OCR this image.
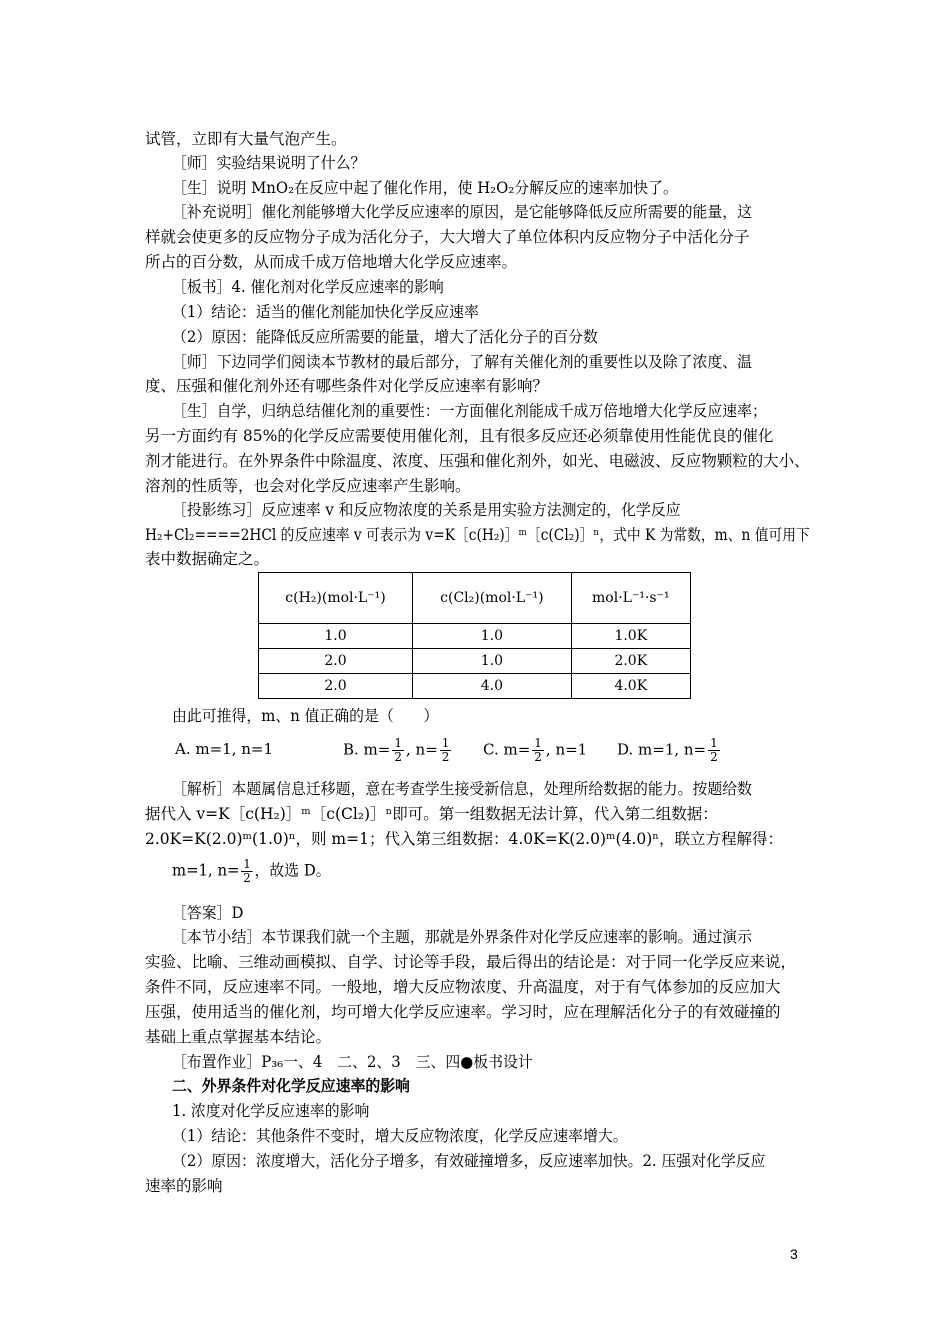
试管，立即有大量气泡产生。
［师］实验结果说明了什么？
［生］说明 MnO₂在反应中起了催化作用，使 H₂O₂分解反应的速率加快了。
［补充说明］催化剂能够增大化学反应速率的原因，是它能够降低反应所需要的能量，这
样就会使更多的反应物分子成为活化分子，大大增大了单位体积内反应物分子中活化分子
所占的百分数，从而成千成万倍地增大化学反应速率。
［板书］4. 催化剂对化学反应速率的影响
（1）结论：适当的催化剂能加快化学反应速率
（2）原因：能降低反应所需要的能量，增大了活化分子的百分数
［师］下边同学们阅读本节教材的最后部分，了解有关催化剂的重要性以及除了浓度、温
度、压强和催化剂外还有哪些条件对化学反应速率有影响？
［生］自学，归纳总结催化剂的重要性：一方面催化剂能成千成万倍地增大化学反应速率；
另一方面约有 85%的化学反应需要使用催化剂，且有很多反应还必须靠使用性能优良的催化
剂才能进行。在外界条件中除温度、浓度、压强和催化剂外，如光、电磁波、反应物颗粒的大小、
溶剂的性质等，也会对化学反应速率产生影响。
［投影练习］反应速率 v 和反应物浓度的关系是用实验方法测定的，化学反应
H₂+Cl₂====2HCl 的反应速率 v 可表示为 v=K［c(H₂)］ᵐ［c(Cl₂)］ⁿ，式中 K 为常数，m、n 值可用下
表中数据确定之。
c(H₂)(mol·L⁻¹)	c(Cl₂)(mol·L⁻¹)	mol·L⁻¹·s⁻¹
1.0	1.0	1.0K
2.0	1.0	2.0K
2.0	4.0	4.0K
由此可推得，m、n 值正确的是（　　）
A. m=1, n=1	B. $m= \frac{1}{2}$ , $n= \frac{1}{2} C$. $m= \frac{1}{2}$ , n=1 D. m=1, $n= \frac{1}{2}$
［解析］本题属信息迁移题，意在考查学生接受新信息，处理所给数据的能力。按题给数
据代入 v=K［c(H₂)］ᵐ［c(Cl₂)］ⁿ即可。第一组数据无法计算，代入第二组数据：
2.0K=K(2.0)ᵐ(1.0)ⁿ，则 m=1；代入第三组数据：4.0K=K(2.0)ᵐ(4.0)ⁿ，联立方程解得：
m=1, $n= \frac{1}{2}$ ，故选 D。
［答案］D
［本节小结］本节课我们就一个主题，那就是外界条件对化学反应速率的影响。通过演示
实验、比喻、三维动画模拟、自学、讨论等手段，最后得出的结论是：对于同一化学反应来说，
条件不同，反应速率不同。一般地，增大反应物浓度、升高温度，对于有气体参加的反应加大
压强，使用适当的催化剂，均可增大化学反应速率。学习时，应在理解活化分子的有效碰撞的
基础上重点掌握基本结论。
［布置作业］P₃₆一、4　二、2、3　三、四●板书设计
二、外界条件对化学反应速率的影响
1. 浓度对化学反应速率的影响
（1）结论：其他条件不变时，增大反应物浓度，化学反应速率增大。
（2）原因：浓度增大，活化分子增多，有效碰撞增多，反应速率加快。2. 压强对化学反应
速率的影响
3
